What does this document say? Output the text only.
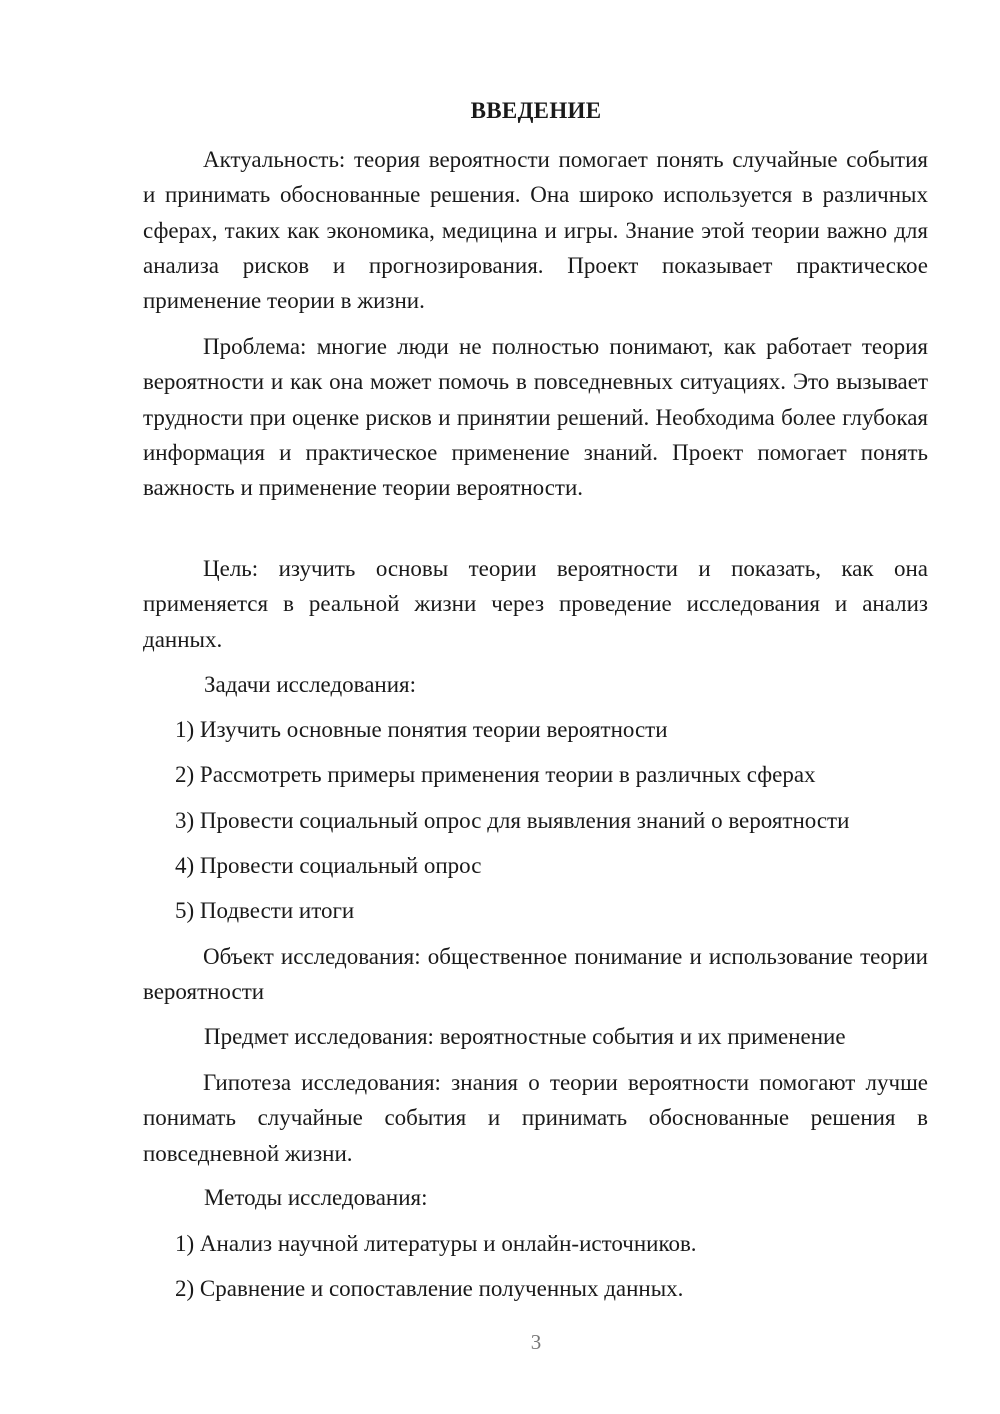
ВВЕДЕНИЕ

Актуальность: теория вероятности помогает понять случайные события и принимать обоснованные решения. Она широко используется в различных сферах, таких как экономика, медицина и игры. Знание этой теории важно для анализа рисков и прогнозирования. Проект показывает практическое применение теории в жизни.

Проблема: многие люди не полностью понимают, как работает теория вероятности и как она может помочь в повседневных ситуациях. Это вызывает трудности при оценке рисков и принятии решений. Необходима более глубокая информация и практическое применение знаний. Проект помогает понять важность и применение теории вероятности.

Цель: изучить основы теории вероятности и показать, как она применяется в реальной жизни через проведение исследования и анализ данных.

Задачи исследования:

1) Изучить основные понятия теории вероятности

2) Рассмотреть примеры применения теории в различных сферах

3) Провести социальный опрос для выявления знаний о вероятности

4) Провести социальный опрос

5) Подвести итоги

Объект исследования: общественное понимание и использование теории вероятности

Предмет исследования: вероятностные события и их применение

Гипотеза исследования: знания о теории вероятности помогают лучше понимать случайные события и принимать обоснованные решения в повседневной жизни.

Методы исследования:

1) Анализ научной литературы и онлайн-источников.

2) Сравнение и сопоставление полученных данных.

3
